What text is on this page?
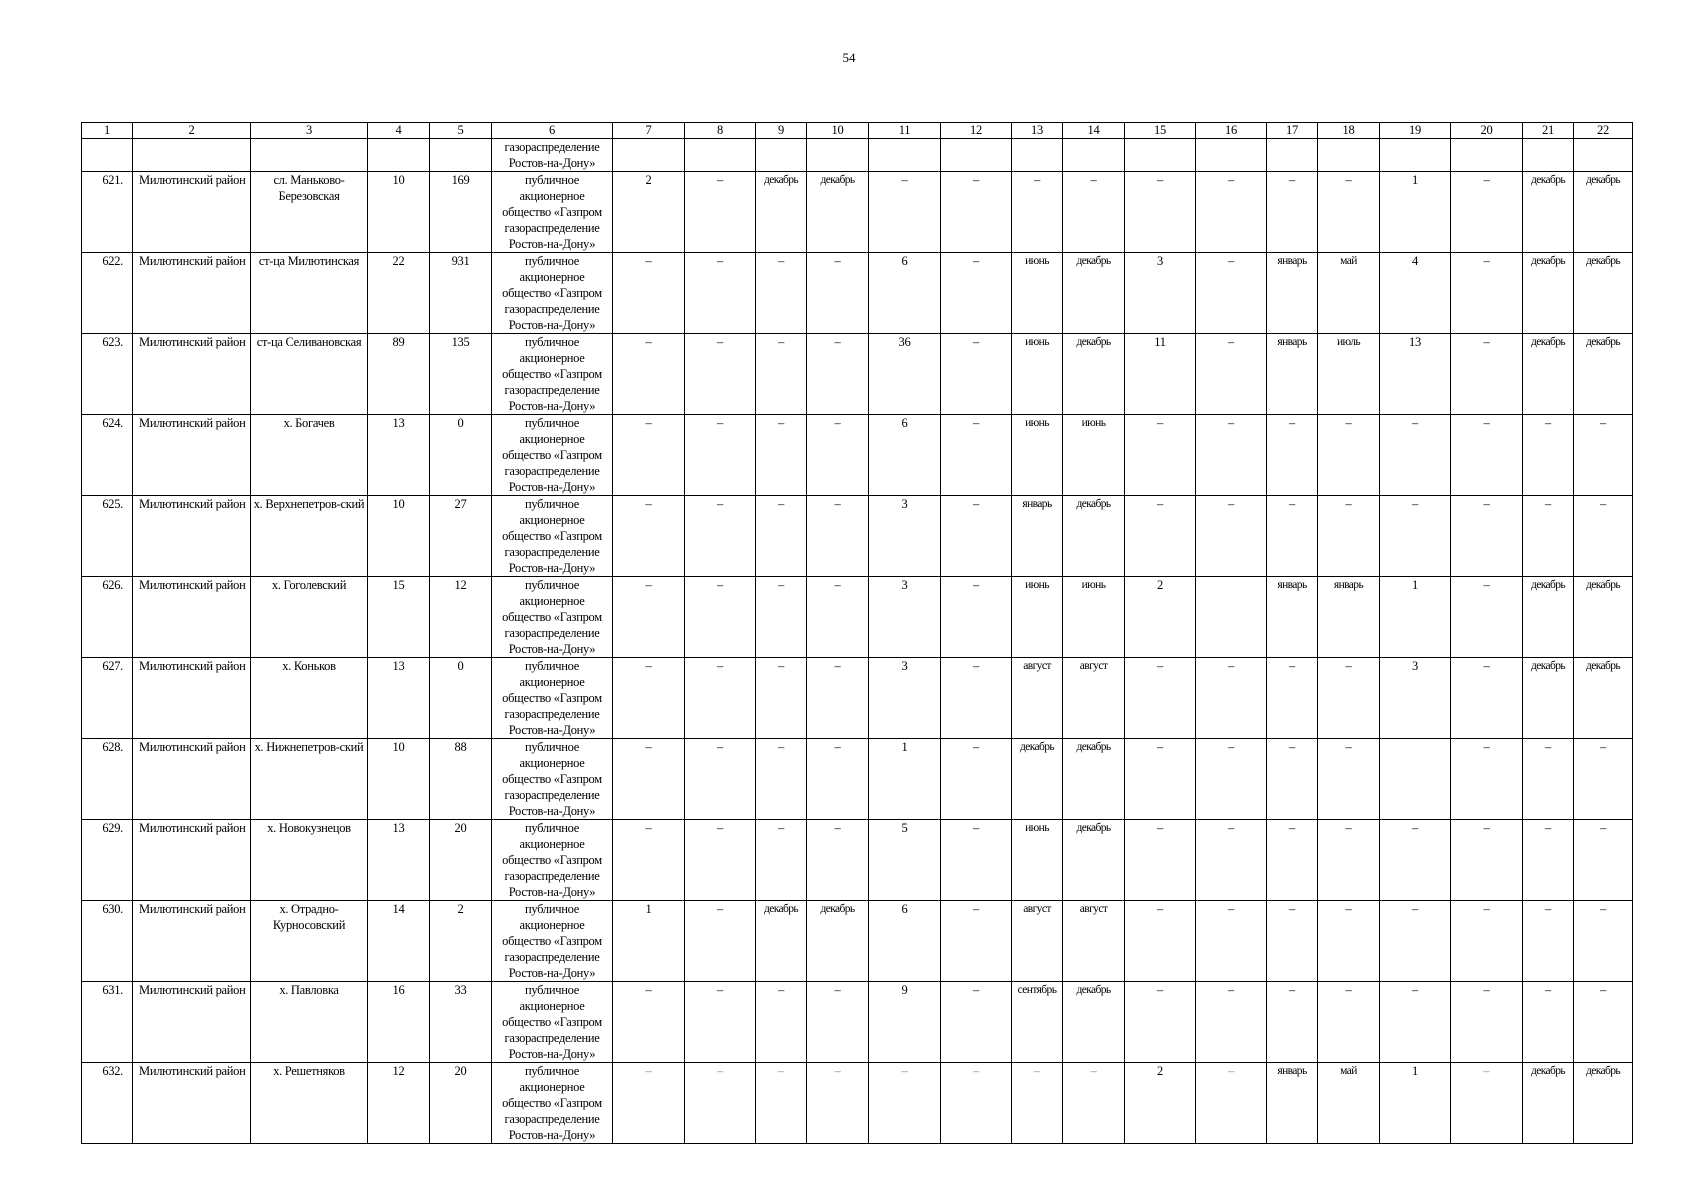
54
1	2	3	4	5	6	7	8	9	10	11	12	13	14	15	16	17	18	19	20	21	22
					газораспределение Ростов-на-Дону»																
621.	Милютинский район	сл. Маньково-Березовская	10	169	публичное акционерное общество «Газпром газораспределение Ростов-на-Дону»	2	–	декабрь	декабрь	–	–	–	–	–	–	–	–	1	–	декабрь	декабрь
622.	Милютинский район	ст-ца Милютинская	22	931	публичное акционерное общество «Газпром газораспределение Ростов-на-Дону»	–	–	–	–	6	–	июнь	декабрь	3	–	январь	май	4	–	декабрь	декабрь
623.	Милютинский район	ст-ца Селивановская	89	135	публичное акционерное общество «Газпром газораспределение Ростов-на-Дону»	–	–	–	–	36	–	июнь	декабрь	11	–	январь	июль	13	–	декабрь	декабрь
624.	Милютинский район	х. Богачев	13	0	публичное акционерное общество «Газпром газораспределение Ростов-на-Дону»	–	–	–	–	6	–	июнь	июнь	–	–	–	–	–	–	–	–
625.	Милютинский район	х. Верхнепетров-ский	10	27	публичное акционерное общество «Газпром газораспределение Ростов-на-Дону»	–	–	–	–	3	–	январь	декабрь	–	–	–	–	–	–	–	–
626.	Милютинский район	х. Гоголевский	15	12	публичное акционерное общество «Газпром газораспределение Ростов-на-Дону»	–	–	–	–	3	–	июнь	июнь	2		январь	январь	1	–	декабрь	декабрь
627.	Милютинский район	х. Коньков	13	0	публичное акционерное общество «Газпром газораспределение Ростов-на-Дону»	–	–	–	–	3	–	август	август	–	–	–	–	3	–	декабрь	декабрь
628.	Милютинский район	х. Нижнепетров-ский	10	88	публичное акционерное общество «Газпром газораспределение Ростов-на-Дону»	–	–	–	–	1	–	декабрь	декабрь	–	–	–	–		–	–	–
629.	Милютинский район	х. Новокузнецов	13	20	публичное акционерное общество «Газпром газораспределение Ростов-на-Дону»	–	–	–	–	5	–	июнь	декабрь	–	–	–	–	–	–	–	–
630.	Милютинский район	х. Отрадно-Курносовский	14	2	публичное акционерное общество «Газпром газораспределение Ростов-на-Дону»	1	–	декабрь	декабрь	6	–	август	август	–	–	–	–	–	–	–	–
631.	Милютинский район	х. Павловка	16	33	публичное акционерное общество «Газпром газораспределение Ростов-на-Дону»	–	–	–	–	9	–	сентябрь	декабрь	–	–	–	–	–	–	–	–
632.	Милютинский район	х. Решетняков	12	20	публичное акционерное общество «Газпром газораспределение Ростов-на-Дону»	–	–	–	–	–	–	–	–	2	–	январь	май	1	–	декабрь	декабрь
